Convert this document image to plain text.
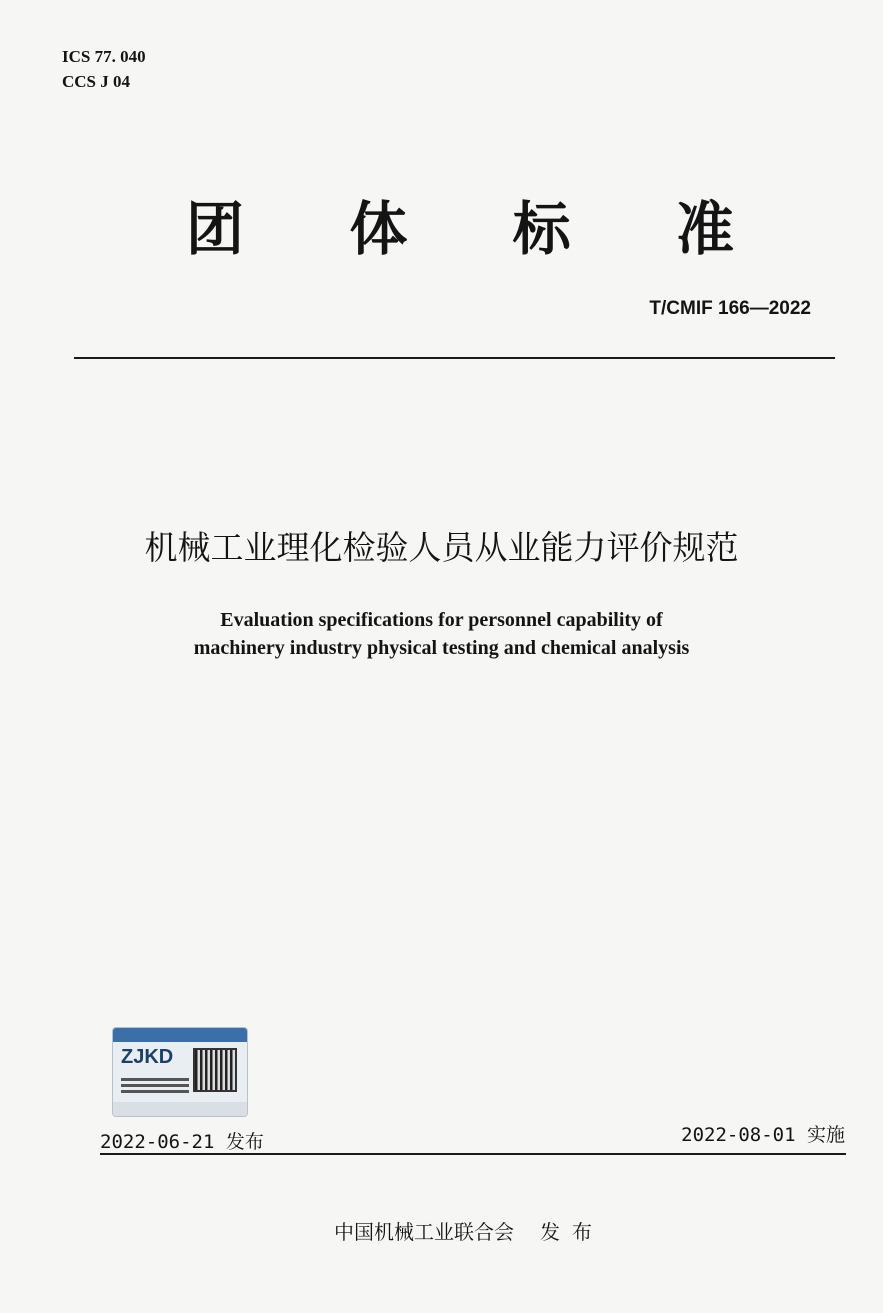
ICS 77. 040
CCS J 04
团 体 标 准
T/CMIF 166—2022
机械工业理化检验人员从业能力评价规范
Evaluation specifications for personnel capability of
machinery industry physical testing and chemical analysis
ZJKD
2022-06-21 发布	2022-08-01 实施
中国机械工业联合会 发布
